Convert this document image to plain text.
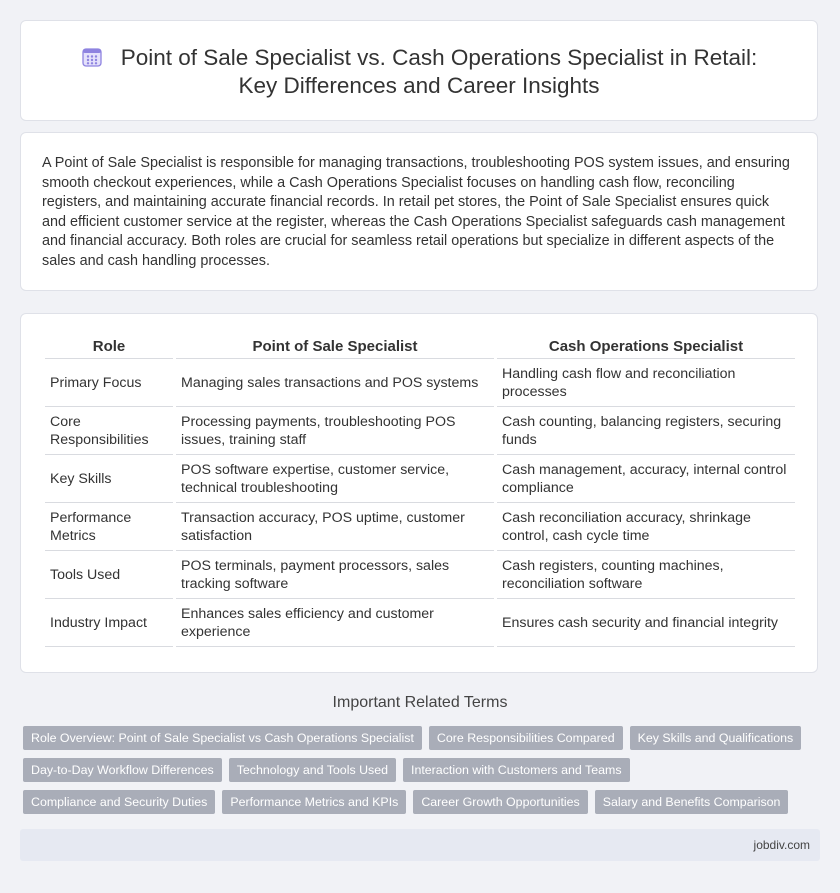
Point of Sale Specialist vs. Cash Operations Specialist in Retail:
Key Differences and Career Insights
A Point of Sale Specialist is responsible for managing transactions, troubleshooting POS system issues, and ensuring smooth checkout experiences, while a Cash Operations Specialist focuses on handling cash flow, reconciling registers, and maintaining accurate financial records. In retail pet stores, the Point of Sale Specialist ensures quick and efficient customer service at the register, whereas the Cash Operations Specialist safeguards cash management and financial accuracy. Both roles are crucial for seamless retail operations but specialize in different aspects of the sales and cash handling processes.
Role	Point of Sale Specialist	Cash Operations Specialist
Primary Focus	Managing sales transactions and POS systems	Handling cash flow and reconciliation processes
Core Responsibilities	Processing payments, troubleshooting POS issues, training staff	Cash counting, balancing registers, securing funds
Key Skills	POS software expertise, customer service, technical troubleshooting	Cash management, accuracy, internal control compliance
Performance Metrics	Transaction accuracy, POS uptime, customer satisfaction	Cash reconciliation accuracy, shrinkage control, cash cycle time
Tools Used	POS terminals, payment processors, sales tracking software	Cash registers, counting machines, reconciliation software
Industry Impact	Enhances sales efficiency and customer experience	Ensures cash security and financial integrity
Important Related Terms
Role Overview: Point of Sale Specialist vs Cash Operations Specialist	Core Responsibilities Compared	Key Skills and Qualifications
Day-to-Day Workflow Differences	Technology and Tools Used	Interaction with Customers and Teams
Compliance and Security Duties	Performance Metrics and KPIs	Career Growth Opportunities	Salary and Benefits Comparison
jobdiv.com
